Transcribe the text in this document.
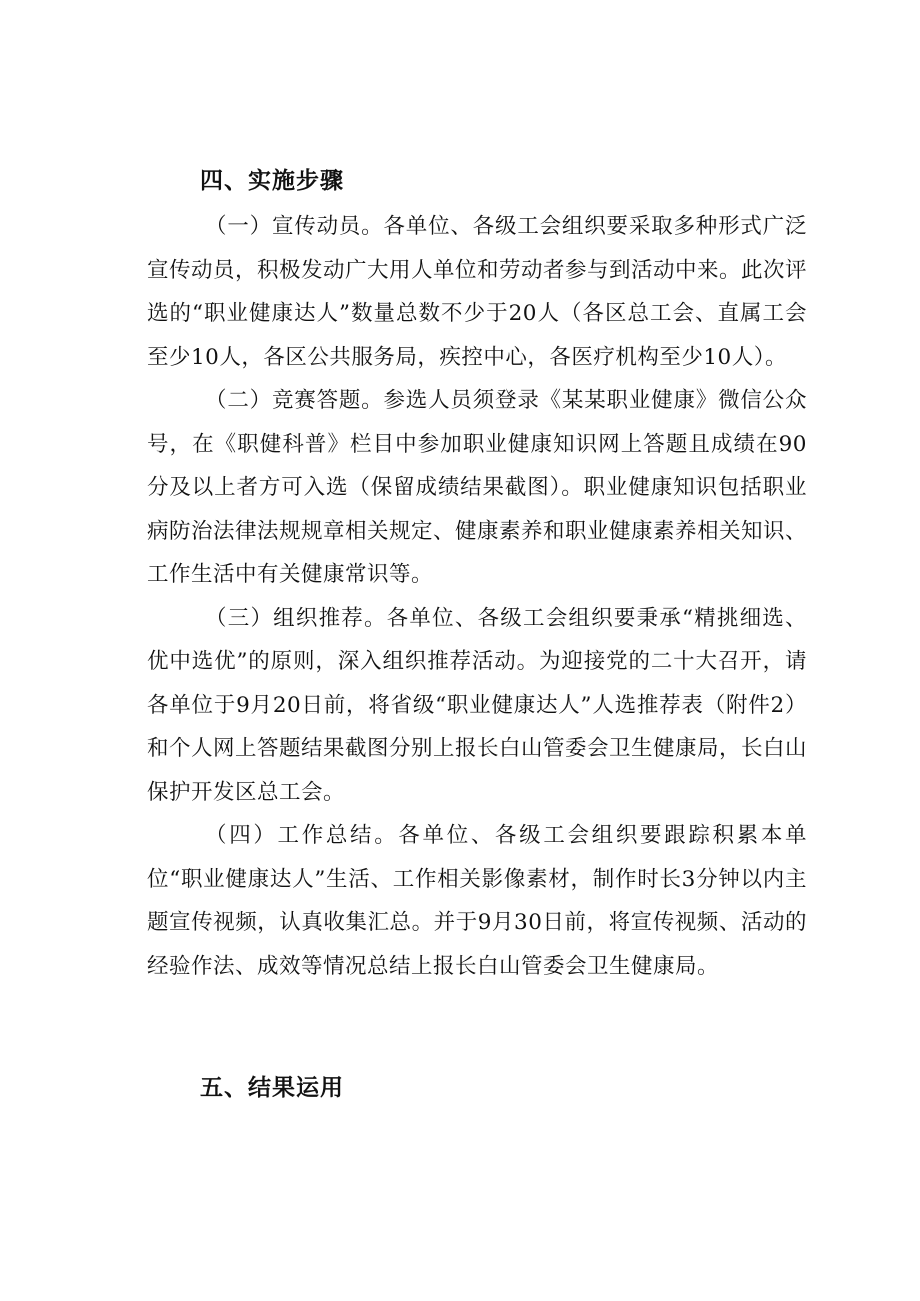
四、实施步骤

（一）宣传动员。各单位、各级工会组织要采取多种形式广泛宣传动员，积极发动广大用人单位和劳动者参与到活动中来。此次评选的“职业健康达人”数量总数不少于20人（各区总工会、直属工会至少10人，各区公共服务局，疾控中心，各医疗机构至少10人）。

（二）竞赛答题。参选人员须登录《某某职业健康》微信公众号，在《职健科普》栏目中参加职业健康知识网上答题且成绩在90分及以上者方可入选（保留成绩结果截图）。职业健康知识包括职业病防治法律法规规章相关规定、健康素养和职业健康素养相关知识、工作生活中有关健康常识等。

（三）组织推荐。各单位、各级工会组织要秉承“精挑细选、优中选优”的原则，深入组织推荐活动。为迎接党的二十大召开，请各单位于9月20日前，将省级“职业健康达人”人选推荐表（附件2）和个人网上答题结果截图分别上报长白山管委会卫生健康局，长白山保护开发区总工会。

（四）工作总结。各单位、各级工会组织要跟踪积累本单位“职业健康达人”生活、工作相关影像素材，制作时长3分钟以内主题宣传视频，认真收集汇总。并于9月30日前，将宣传视频、活动的经验作法、成效等情况总结上报长白山管委会卫生健康局。

五、结果运用
